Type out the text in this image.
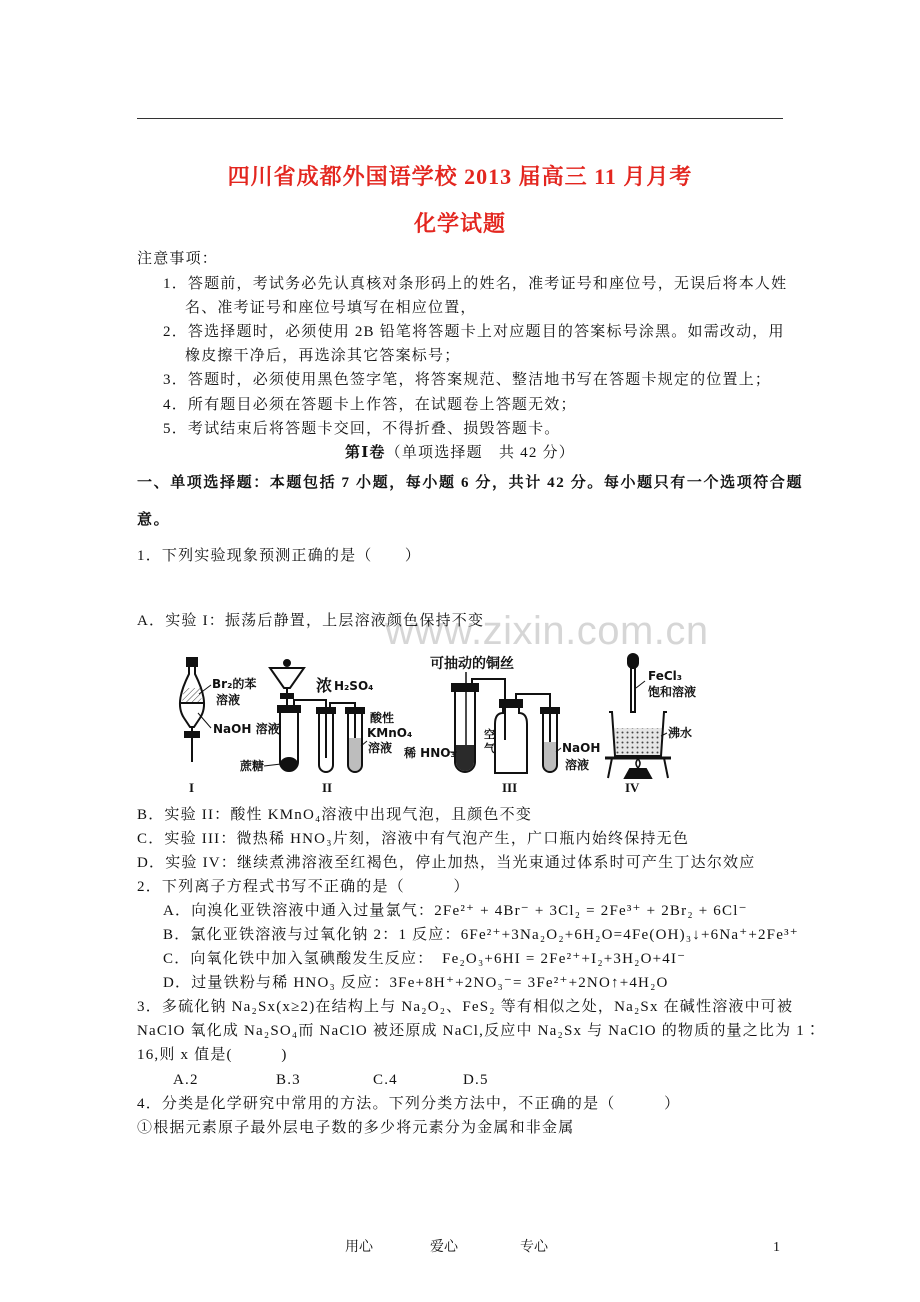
四川省成都外国语学校 2013 届高三 11 月月考
化学试题
注意事项：
1．答题前，考试务必先认真核对条形码上的姓名，准考证号和座位号，无误后将本人姓
名、准考证号和座位号填写在相应位置，
2．答选择题时，必须使用 2B 铅笔将答题卡上对应题目的答案标号涂黑。如需改动，用
橡皮擦干净后，再选涂其它答案标号；
3．答题时，必须使用黑色签字笔，将答案规范、整洁地书写在答题卡规定的位置上；
4．所有题目必须在答题卡上作答，在试题卷上答题无效；
5．考试结束后将答题卡交回，不得折叠、损毁答题卡。
第Ⅰ卷（单项选择题　共 42 分）
一、单项选择题：本题包括 7 小题，每小题 6 分，共计 42 分。每小题只有一个选项符合题
意。
1．下列实验现象预测正确的是（　　）
A．实验 I：振荡后静置，上层溶液颜色保持不变
www.zixin.com.cn
Br₂的苯
溶液
NaOH 溶液
I
浓 H₂SO₄
酸性
KMnO₄
溶液
蔗糖
II
可抽动的铜丝
稀 HNO₃
空
气	NaOH
溶液
III
FeCl₃
饱和溶液
沸水
IV
B．实验 II：酸性 KMnO₄溶液中出现气泡，且颜色不变
C．实验 III：微热稀 HNO₃片刻，溶液中有气泡产生，广口瓶内始终保持无色
D．实验 IV：继续煮沸溶液至红褐色，停止加热，当光束通过体系时可产生丁达尔效应
2．下列离子方程式书写不正确的是（　　　）
A．向溴化亚铁溶液中通入过量氯气：2Fe²⁺ + 4Br⁻ + 3Cl₂ = 2Fe³⁺ + 2Br₂ + 6Cl⁻
B．氯化亚铁溶液与过氧化钠 2：1 反应：6Fe²⁺+3Na₂O₂+6H₂O=4Fe(OH)₃↓+6Na⁺+2Fe³⁺
C．向氧化铁中加入氢碘酸发生反应：　Fe₂O₃+6HI = 2Fe²⁺+I₂+3H₂O+4I⁻
D．过量铁粉与稀 HNO₃ 反应：3Fe+8H⁺+2NO₃⁻= 3Fe²⁺+2NO↑+4H₂O
3．多硫化钠 Na₂Sx(x≥2)在结构上与 Na₂O₂、FeS₂ 等有相似之处，Na₂Sx 在碱性溶液中可被
NaClO 氧化成 Na₂SO₄而 NaClO 被还原成 NaCl,反应中 Na₂Sx 与 NaClO 的物质的量之比为 1∶
16,则 x 值是(　　　)
A.2	B.3	C.4	D.5
4．分类是化学研究中常用的方法。下列分类方法中，不正确的是（　　　）
①根据元素原子最外层电子数的多少将元素分为金属和非金属
用心	爱心	专心	1
